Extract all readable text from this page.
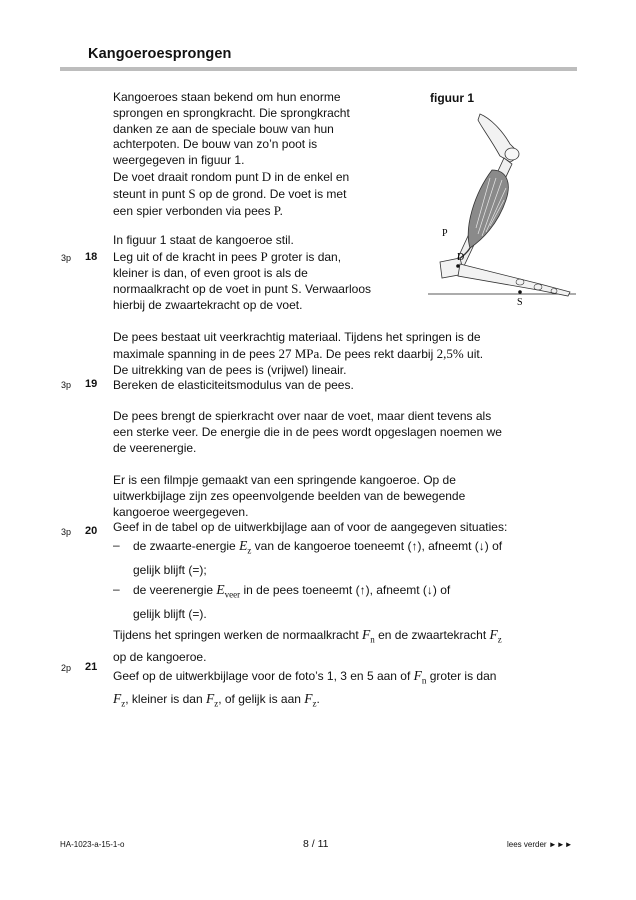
Kangoeroesprongen

Kangoeroes staan bekend om hun enorme

sprongen en sprongkracht. Die sprongkracht

danken ze aan de speciale bouw van hun

achterpoten. De bouw van zo’n poot is

weergegeven in figuur 1.

De voet draait rondom punt D in de enkel en

steunt in punt S op de grond. De voet is met

een spier verbonden via pees P.

figuur 1
P
D
S

In figuur 1 staat de kangoeroe stil.

Leg uit of de kracht in pees P groter is dan,

kleiner is dan, of even groot is als de

normaalkracht op de voet in punt S. Verwaarloos

hierbij de zwaartekracht op de voet.

3p 18

De pees bestaat uit veerkrachtig materiaal. Tijdens het springen is de

maximale spanning in de pees 27 MPa. De pees rekt daarbij 2,5% uit.

De uitrekking van de pees is (vrijwel) lineair.

Bereken de elasticiteitsmodulus van de pees.

3p 19

De pees brengt de spierkracht over naar de voet, maar dient tevens als

een sterke veer. De energie die in de pees wordt opgeslagen noemen we

de veerenergie.

Er is een filmpje gemaakt van een springende kangoeroe. Op de

uitwerkbijlage zijn zes opeenvolgende beelden van de bewegende

kangoeroe weergegeven.

Geef in de tabel op de uitwerkbijlage aan of voor de aangegeven situaties:

–	de zwaarte-energie $E_z$ van de kangoeroe toeneemt (↑), afneemt (↓) of
gelijk blijft (=);
–	de veerenergie $E_{veer}$ in de pees toeneemt (↑), afneemt (↓) of
gelijk blijft (=).
3p 20

Tijdens het springen werken de normaalkracht $F_n$ en de zwaartekracht $F_z$

op de kangoeroe.

Geef op de uitwerkbijlage voor de foto’s 1, 3 en 5 aan of $F_n$ groter is dan

$F_z$, kleiner is dan $F_z$, of gelijk is aan $F_z$.

2p 21
HA-1023-a-15-1-o	8 / 11	lees verder ►►►
